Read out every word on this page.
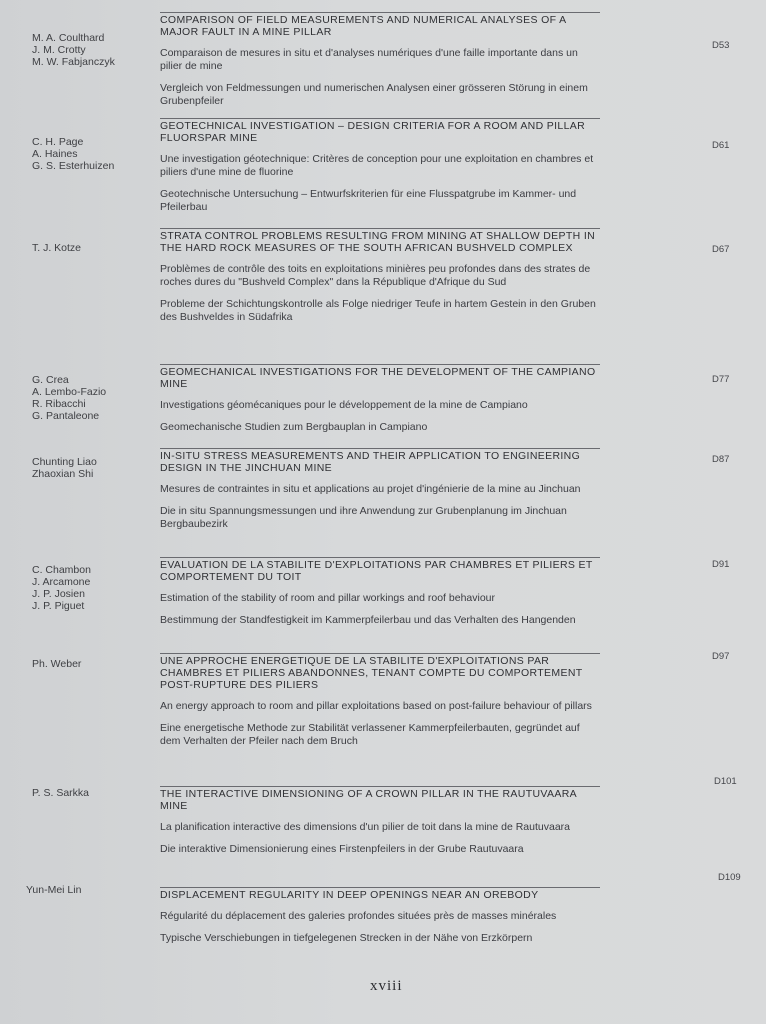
M. A. Coulthard
J. M. Crotty
M. W. Fabjanczyk

COMPARISON OF FIELD MEASUREMENTS AND NUMERICAL ANALYSES OF A MAJOR FAULT IN A MINE PILLAR

Comparaison de mesures in situ et d'analyses numériques d'une faille importante dans un pilier de mine

Vergleich von Feldmessungen und numerischen Analysen einer grösseren Störung in einem Grubenpfeiler

D53
C. H. Page
A. Haines
G. S. Esterhuizen

GEOTECHNICAL INVESTIGATION – DESIGN CRITERIA FOR A ROOM AND PILLAR FLUORSPAR MINE

Une investigation géotechnique: Critères de conception pour une exploitation en chambres et piliers d'une mine de fluorine

Geotechnische Untersuchung – Entwurfskriterien für eine Flusspatgrube im Kammer- und Pfeilerbau

D61
T. J. Kotze

STRATA CONTROL PROBLEMS RESULTING FROM MINING AT SHALLOW DEPTH IN THE HARD ROCK MEASURES OF THE SOUTH AFRICAN BUSHVELD COMPLEX

Problèmes de contrôle des toits en exploitations minières peu profondes dans des strates de roches dures du "Bushveld Complex" dans la République d'Afrique du Sud

Probleme der Schichtungskontrolle als Folge niedriger Teufe in hartem Gestein in den Gruben des Bushveldes in Südafrika

D67
G. Crea
A. Lembo-Fazio
R. Ribacchi
G. Pantaleone

GEOMECHANICAL INVESTIGATIONS FOR THE DEVELOPMENT OF THE CAMPIANO MINE

Investigations géomécaniques pour le développement de la mine de Campiano

Geomechanische Studien zum Bergbauplan in Campiano

D77
Chunting Liao
Zhaoxian Shi

IN-SITU STRESS MEASUREMENTS AND THEIR APPLICATION TO ENGINEERING DESIGN IN THE JINCHUAN MINE

Mesures de contraintes in situ et applications au projet d'ingénierie de la mine au Jinchuan

Die in situ Spannungsmessungen und ihre Anwendung zur Grubenplanung im Jinchuan Bergbaubezirk

D87
C. Chambon
J. Arcamone
J. P. Josien
J. P. Piguet

EVALUATION DE LA STABILITE D'EXPLOITATIONS PAR CHAMBRES ET PILIERS ET COMPORTEMENT DU TOIT

Estimation of the stability of room and pillar workings and roof behaviour

Bestimmung der Standfestigkeit im Kammerpfeilerbau und das Verhalten des Hangenden

D91
Ph. Weber	UNE APPROCHE ENERGETIQUE DE LA STABILITE D'EXPLOITATIONS PAR CHAMBRES ET PILIERS ABANDONNES, TENANT COMPTE DU COMPORTEMENT POST-RUPTURE DES PILIERS

An energy approach to room and pillar exploitations based on post-failure behaviour of pillars

Eine energetische Methode zur Stabilität verlassener Kammerpfeilerbauten, gegründet auf dem Verhalten der Pfeiler nach dem Bruch

D97
P. S. Sarkka	THE INTERACTIVE DIMENSIONING OF A CROWN PILLAR IN THE RAUTUVAARA MINE

La planification interactive des dimensions d'un pilier de toit dans la mine de Rautuvaara

Die interaktive Dimensionierung eines Firstenpfeilers in der Grube Rautuvaara

D101
Yun-Mei Lin	DISPLACEMENT REGULARITY IN DEEP OPENINGS NEAR AN OREBODY

Régularité du déplacement des galeries profondes situées près de masses minérales

Typische Verschiebungen in tiefgelegenen Strecken in der Nähe von Erzkörpern

D109
xviii
